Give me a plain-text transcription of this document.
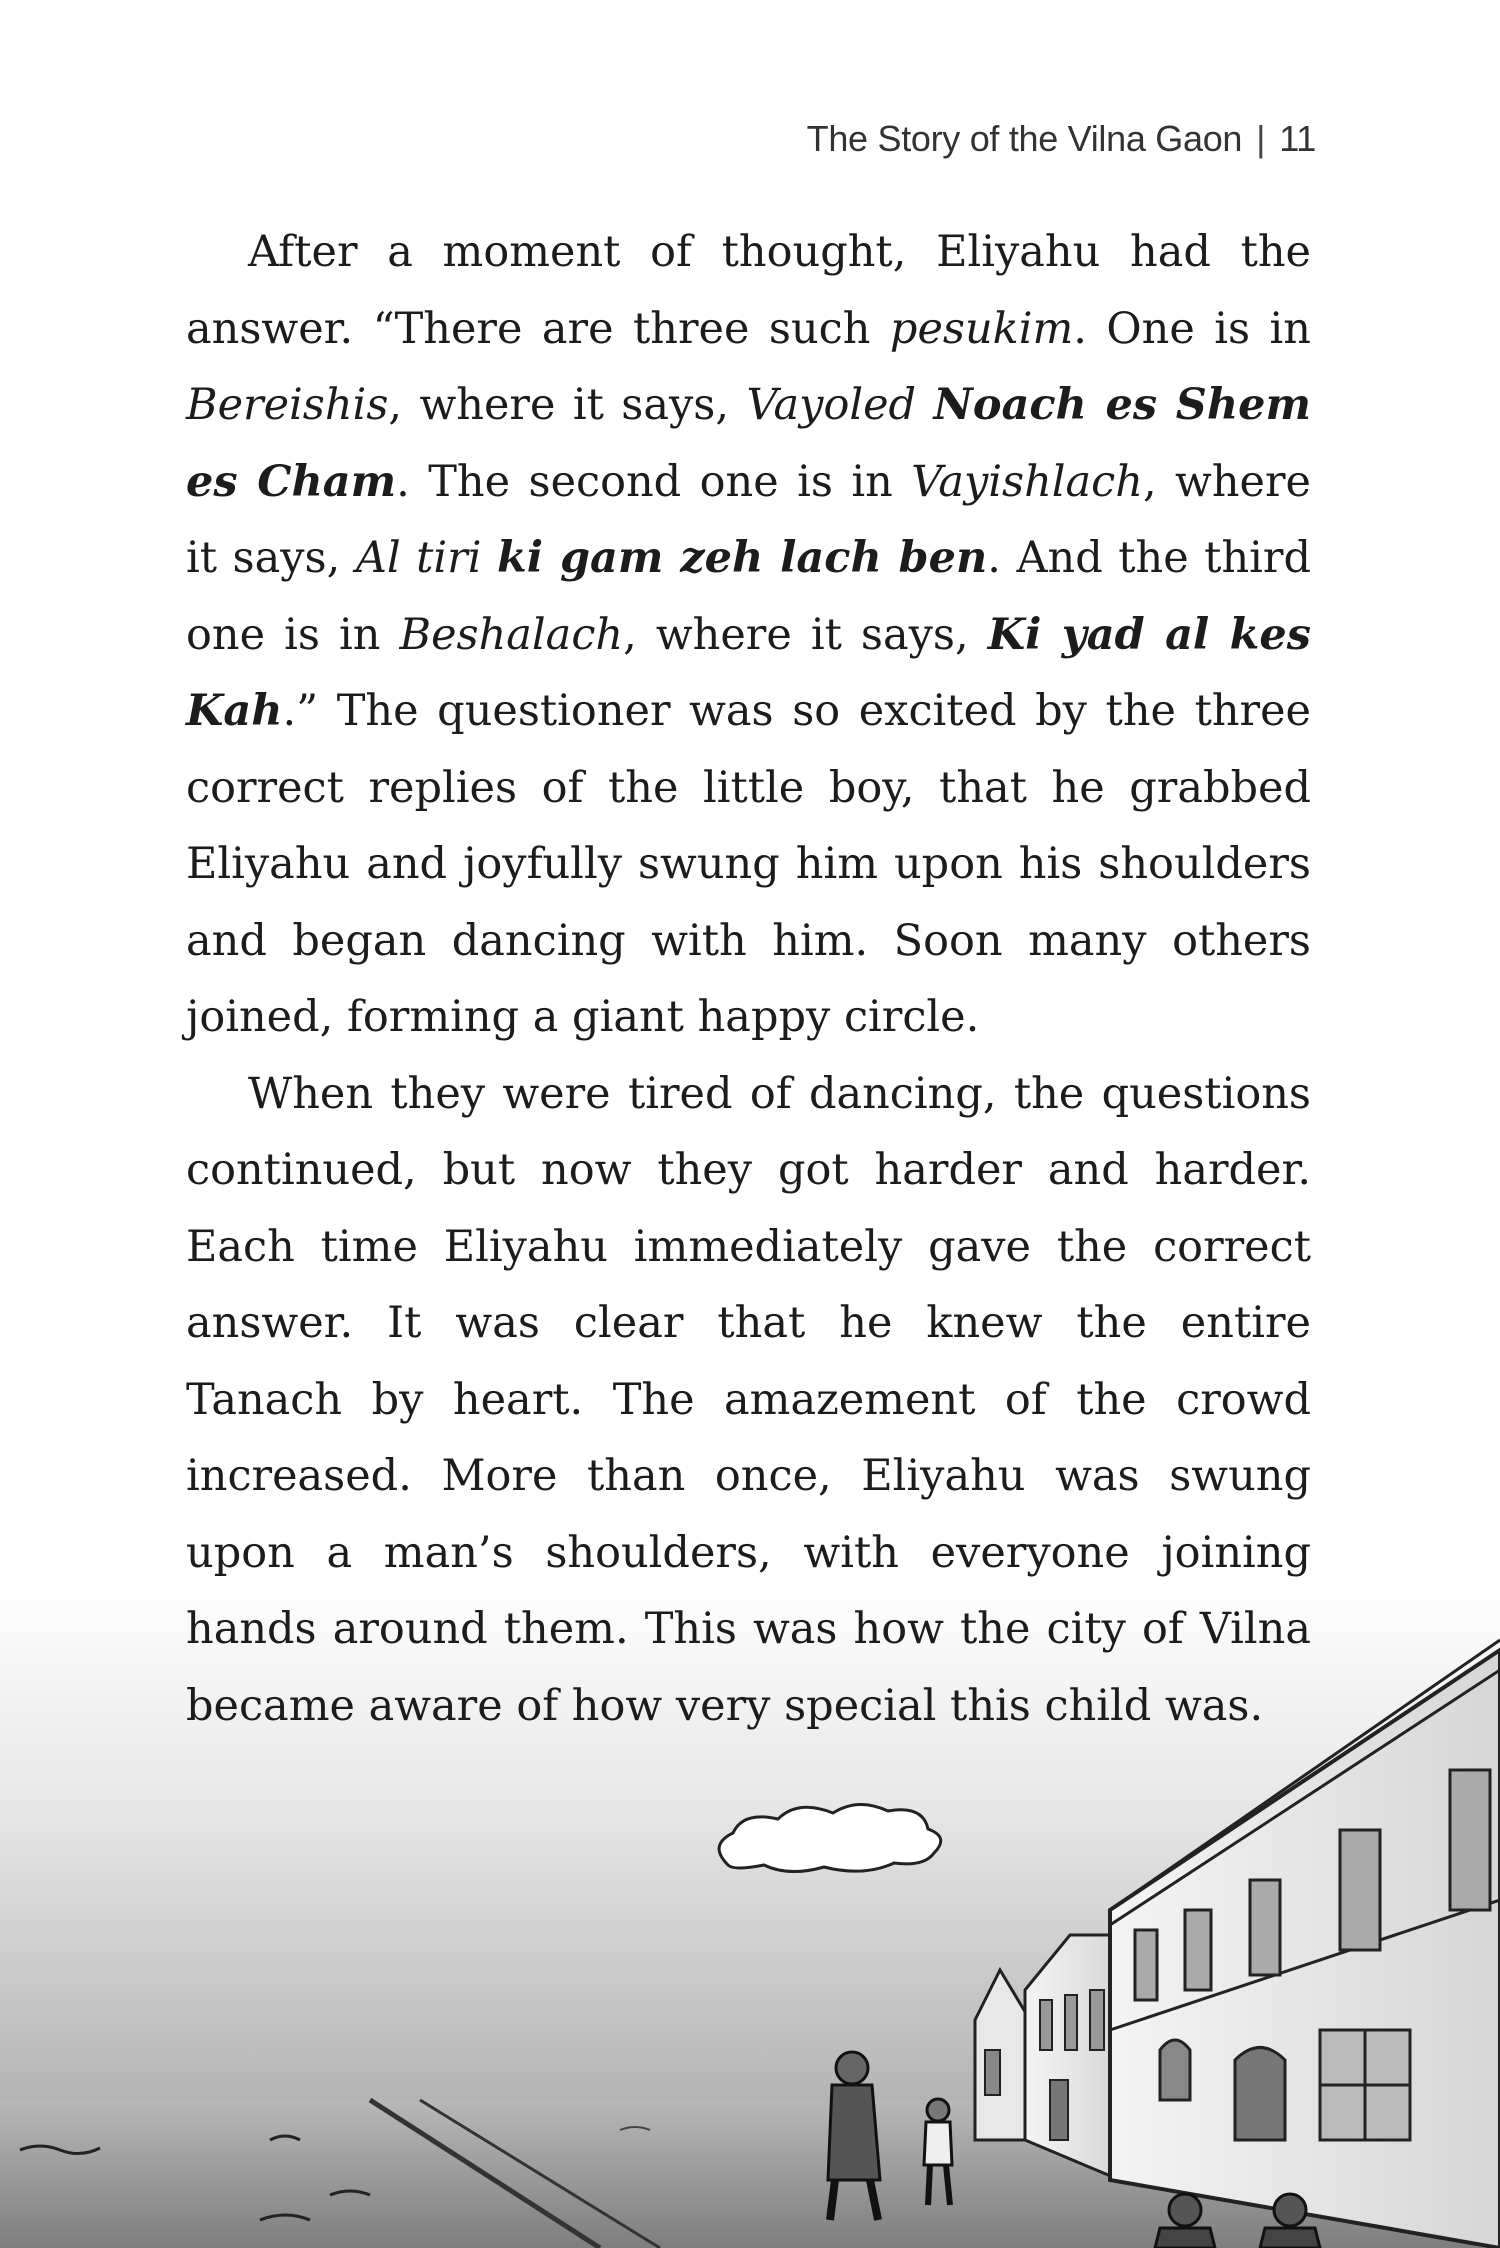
The Story of the Vilna Gaon | 11

After a moment of thought, Eliyahu had the answer. “There are three such pesukim. One is in Bereishis, where it says, Vayoled Noach es Shem es Cham. The second one is in Vayishlach, where it says, Al tiri ki gam zeh lach ben. And the third one is in Beshalach, where it says, Ki yad al kes Kah.” The questioner was so excited by the three correct replies of the little boy, that he grabbed Eliyahu and joyfully swung him upon his shoulders and began dancing with him. Soon many others joined, forming a giant happy circle.

When they were tired of dancing, the questions continued, but now they got harder and harder. Each time Eliyahu immediately gave the correct answer. It was clear that he knew the entire Tanach by heart. The amazement of the crowd increased. More than once, Eliyahu was swung upon a man’s shoulders, with everyone joining hands around them. This was how the city of Vilna became aware of how very special this child was.
